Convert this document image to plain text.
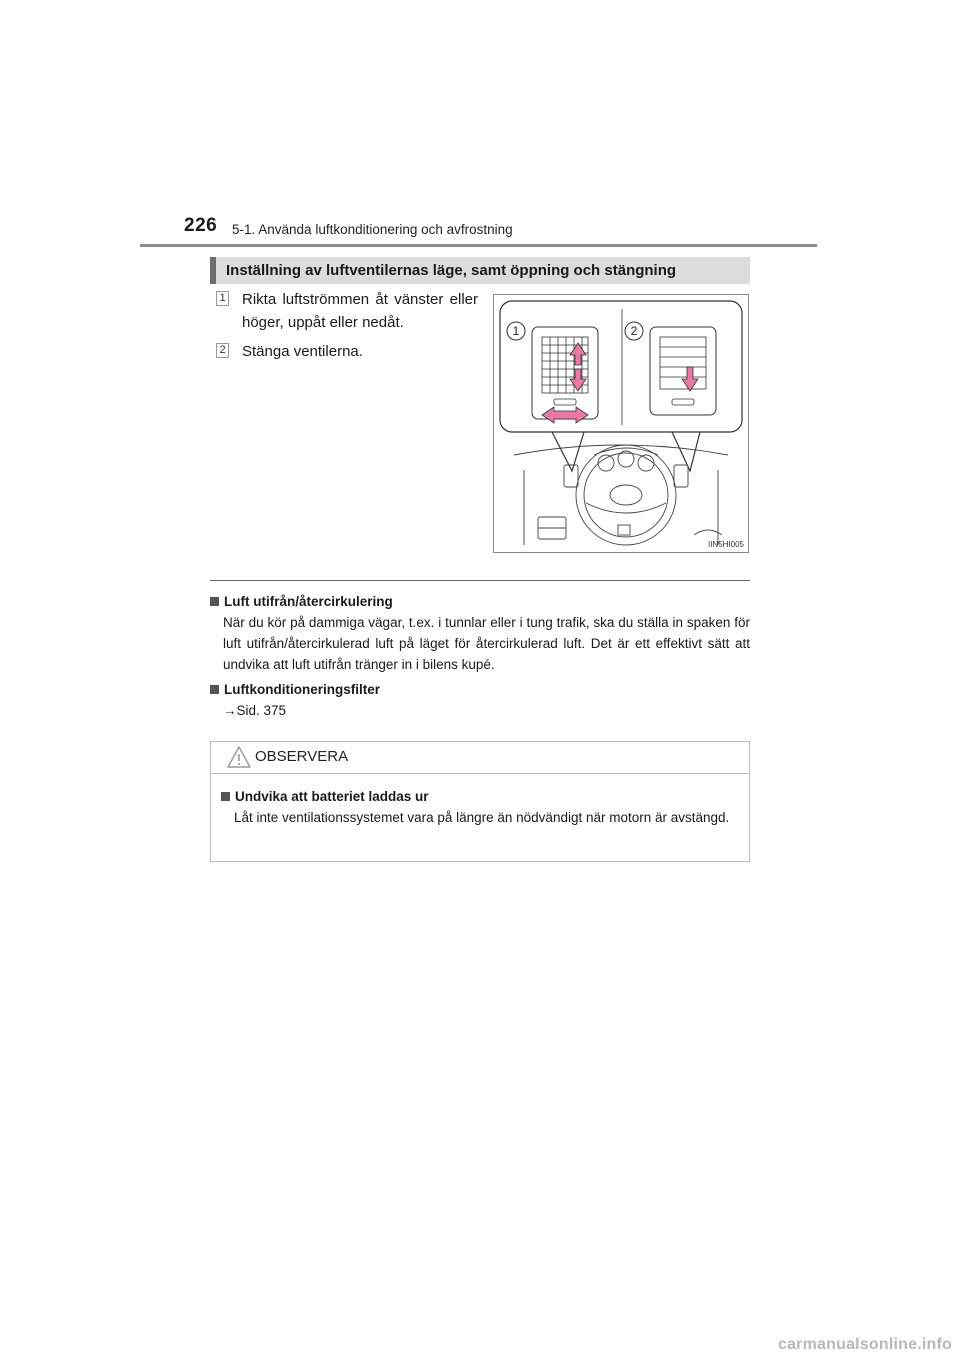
226 5-1. Använda luftkonditionering och avfrostning
Inställning av luftventilernas läge, samt öppning och stängning
1 Rikta luftströmmen åt vänster eller höger, uppåt eller nedåt.
2 Stänga ventilerna.
1	2
IIN5HI005
Luft utifrån/återcirkulering
När du kör på dammiga vägar, t.ex. i tunnlar eller i tung trafik, ska du ställa in spaken för luft utifrån/återcirkulerad luft på läget för återcirkulerad luft. Det är ett effektivt sätt att undvika att luft utifrån tränger in i bilens kupé.
Luftkonditioneringsfilter
→Sid. 375
OBSERVERA
Undvika att batteriet laddas ur
Låt inte ventilationssystemet vara på längre än nödvändigt när motorn är avstängd.
carmanualsonline.info
